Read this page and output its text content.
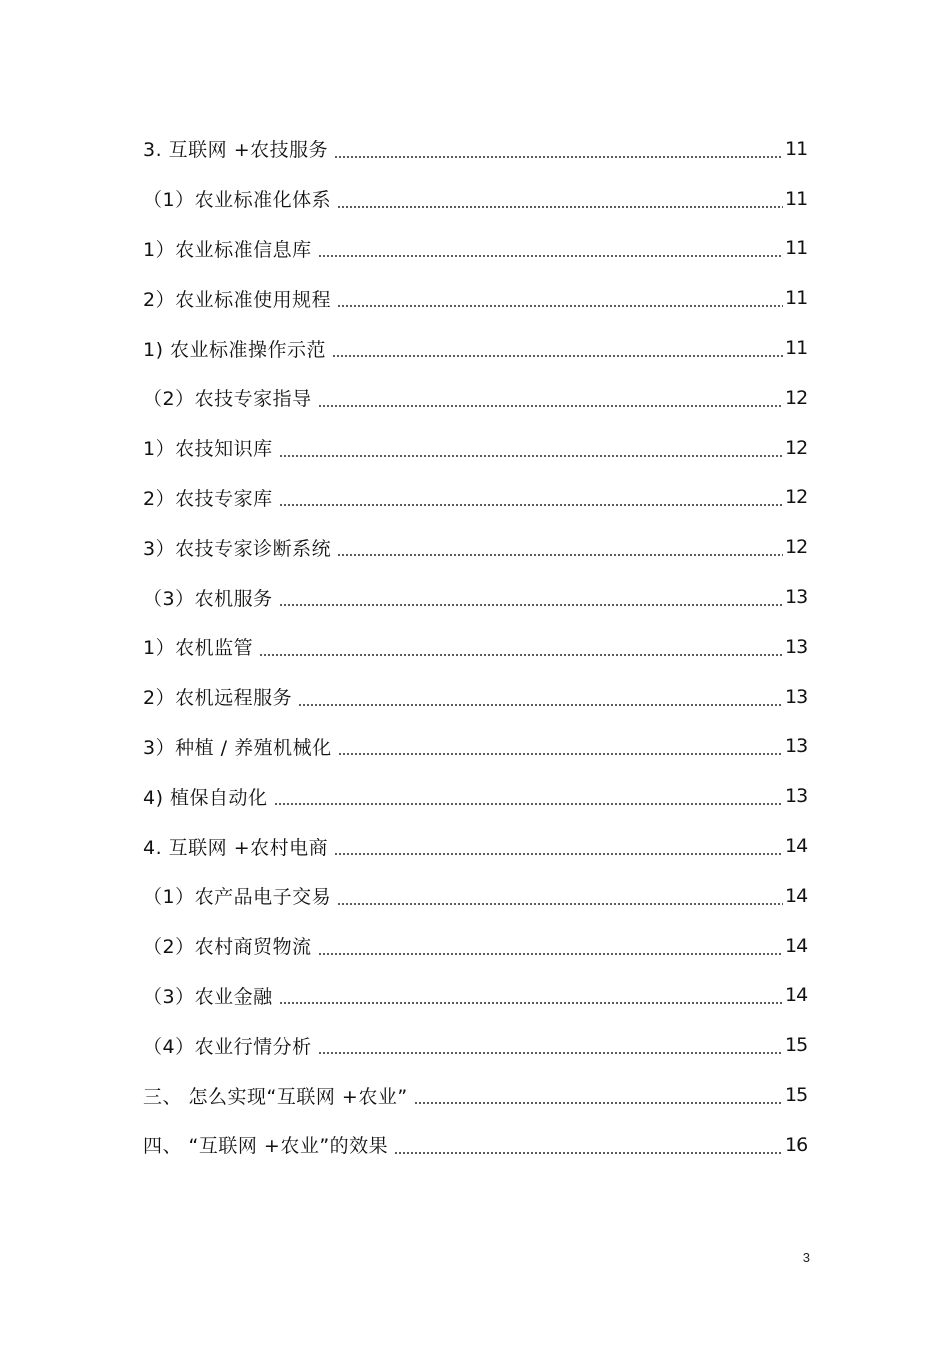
3. 互联网 +农技服务	11
（1）农业标准化体系	11
1）农业标准信息库	11
2）农业标准使用规程	11
1) 农业标准操作示范	11
（2）农技专家指导	12
1）农技知识库	12
2）农技专家库	12
3）农技专家诊断系统	12
（3）农机服务	13
1）农机监管	13
2）农机远程服务	13
3）种植 / 养殖机械化	13
4) 植保自动化	13
4. 互联网 +农村电商	14
（1）农产品电子交易	14
（2）农村商贸物流	14
（3）农业金融	14
（4）农业行情分析	15
三、 怎么实现“互联网 +农业”	15
四、 “互联网 +农业”的效果	16
3
